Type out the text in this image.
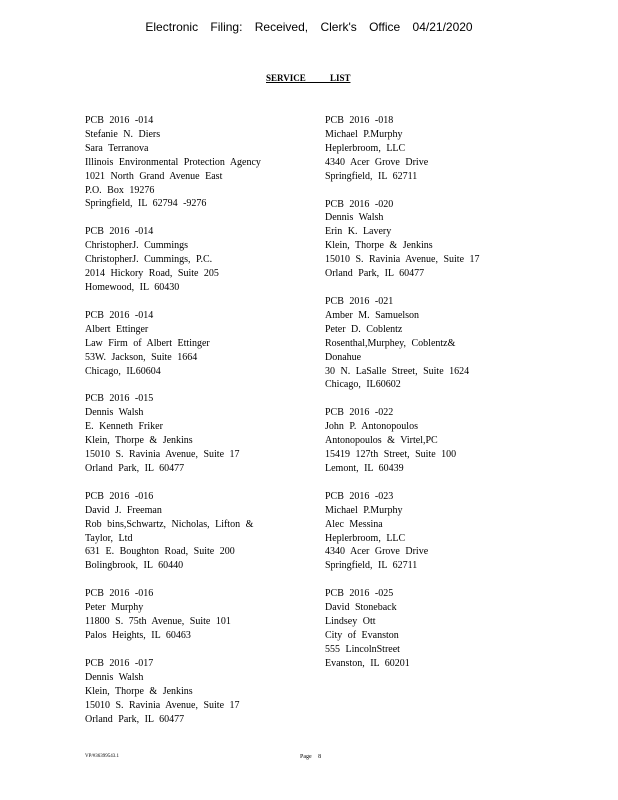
Electronic Filing: Received, Clerk's Office 04/21/2020
SERVICE LIST
PCB 2016 -014
Stefanie N. Diers
Sara Terranova
Illinois Environmental Protection Agency
1021 North Grand Avenue East
P.O. Box 19276
Springfield, IL 62794 -9276
PCB 2016 -014
ChristopherJ. Cummings
ChristopherJ. Cummings, P.C.
2014 Hickory Road, Suite 205
Homewood, IL 60430
PCB 2016 -014
Albert Ettinger
Law Firm of Albert Ettinger
53W. Jackson, Suite 1664
Chicago, IL60604
PCB 2016 -015
Dennis Walsh
E. Kenneth Friker
Klein, Thorpe & Jenkins
15010 S. Ravinia Avenue, Suite 17
Orland Park, IL 60477
PCB 2016 -016
David J. Freeman
Rob bins,Schwartz, Nicholas, Lifton &
Taylor, Ltd
631 E. Boughton Road, Suite 200
Bolingbrook, IL 60440
PCB 2016 -016
Peter Murphy
11800 S. 75th Avenue, Suite 101
Palos Heights, IL 60463
PCB 2016 -017
Dennis Walsh
Klein, Thorpe & Jenkins
15010 S. Ravinia Avenue, Suite 17
Orland Park, IL 60477
PCB 2016 -018
Michael P.Murphy
Heplerbroom, LLC
4340 Acer Grove Drive
Springfield, IL 62711
PCB 2016 -020
Dennis Walsh
Erin K. Lavery
Klein, Thorpe & Jenkins
15010 S. Ravinia Avenue, Suite 17
Orland Park, IL 60477
PCB 2016 -021
Amber M. Samuelson
Peter D. Coblentz
Rosenthal,Murphey, Coblentz&
Donahue
30 N. LaSalle Street, Suite 1624
Chicago, IL60602
PCB 2016 -022
John P. Antonopoulos
Antonopoulos & Virtel,PC
15419 127th Street, Suite 100
Lemont, IL 60439
PCB 2016 -023
Michael P.Murphy
Alec Messina
Heplerbroom, LLC
4340 Acer Grove Drive
Springfield, IL 62711
PCB 2016 -025
David Stoneback
Lindsey Ott
City of Evanston
555 LincolnStreet
Evanston, IL 60201
VP/#36399543.1	Page 8
